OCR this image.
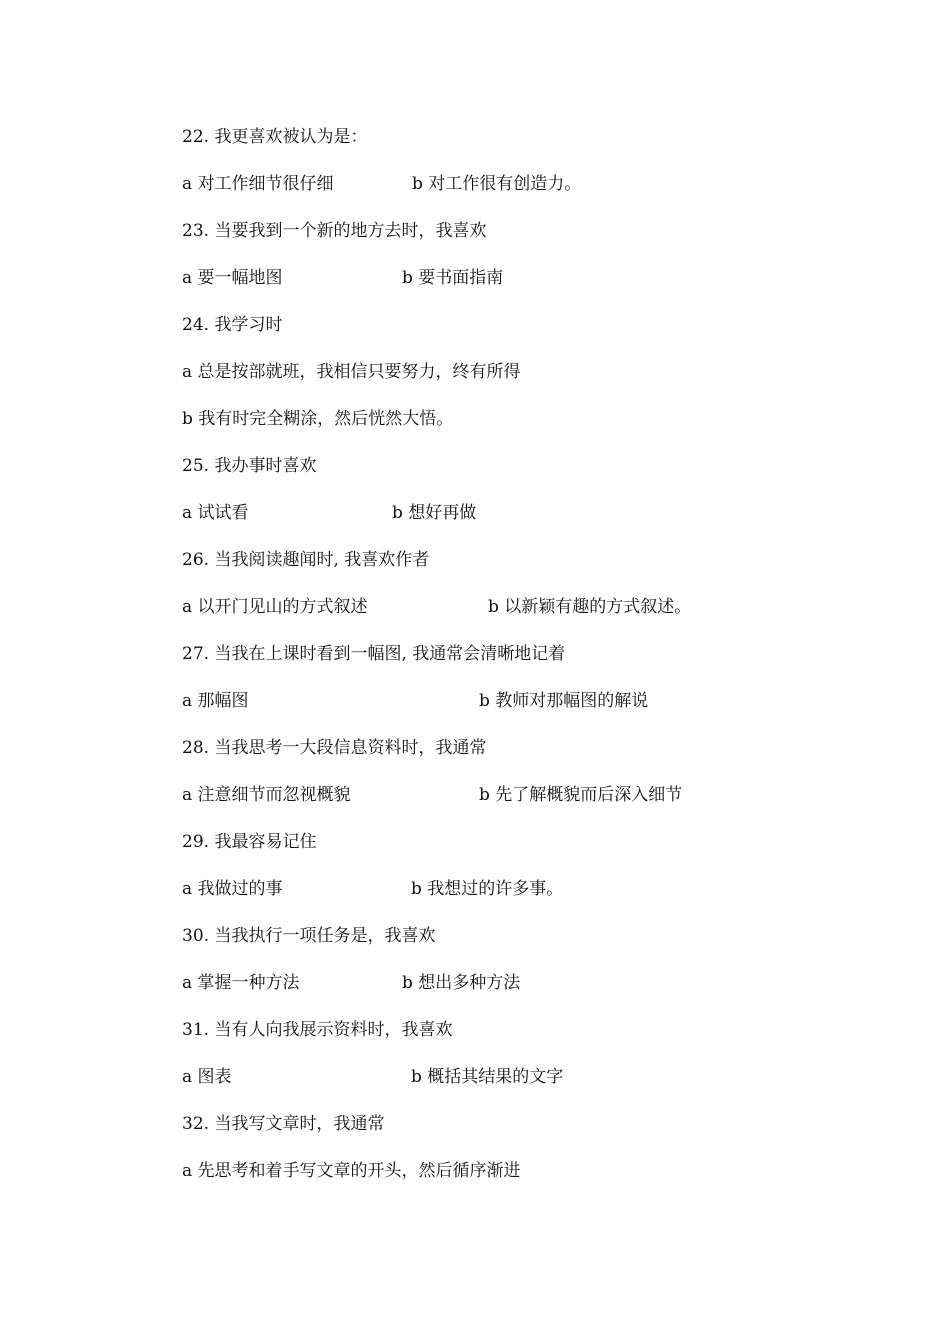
22. 我更喜欢被认为是：
a 对工作细节很仔细	b 对工作很有创造力。
23. 当要我到一个新的地方去时，我喜欢
a 要一幅地图	b 要书面指南
24. 我学习时
a 总是按部就班，我相信只要努力，终有所得
b 我有时完全糊涂，然后恍然大悟。
25. 我办事时喜欢
a 试试看	b 想好再做
26. 当我阅读趣闻时, 我喜欢作者
a 以开门见山的方式叙述	b 以新颖有趣的方式叙述。
27. 当我在上课时看到一幅图, 我通常会清晰地记着
a 那幅图	b 教师对那幅图的解说
28. 当我思考一大段信息资料时，我通常
a 注意细节而忽视概貌	b 先了解概貌而后深入细节
29. 我最容易记住
a 我做过的事	b 我想过的许多事。
30. 当我执行一项任务是，我喜欢
a 掌握一种方法	b 想出多种方法
31. 当有人向我展示资料时，我喜欢
a 图表	b 概括其结果的文字
32. 当我写文章时，我通常
a 先思考和着手写文章的开头，然后循序渐进
